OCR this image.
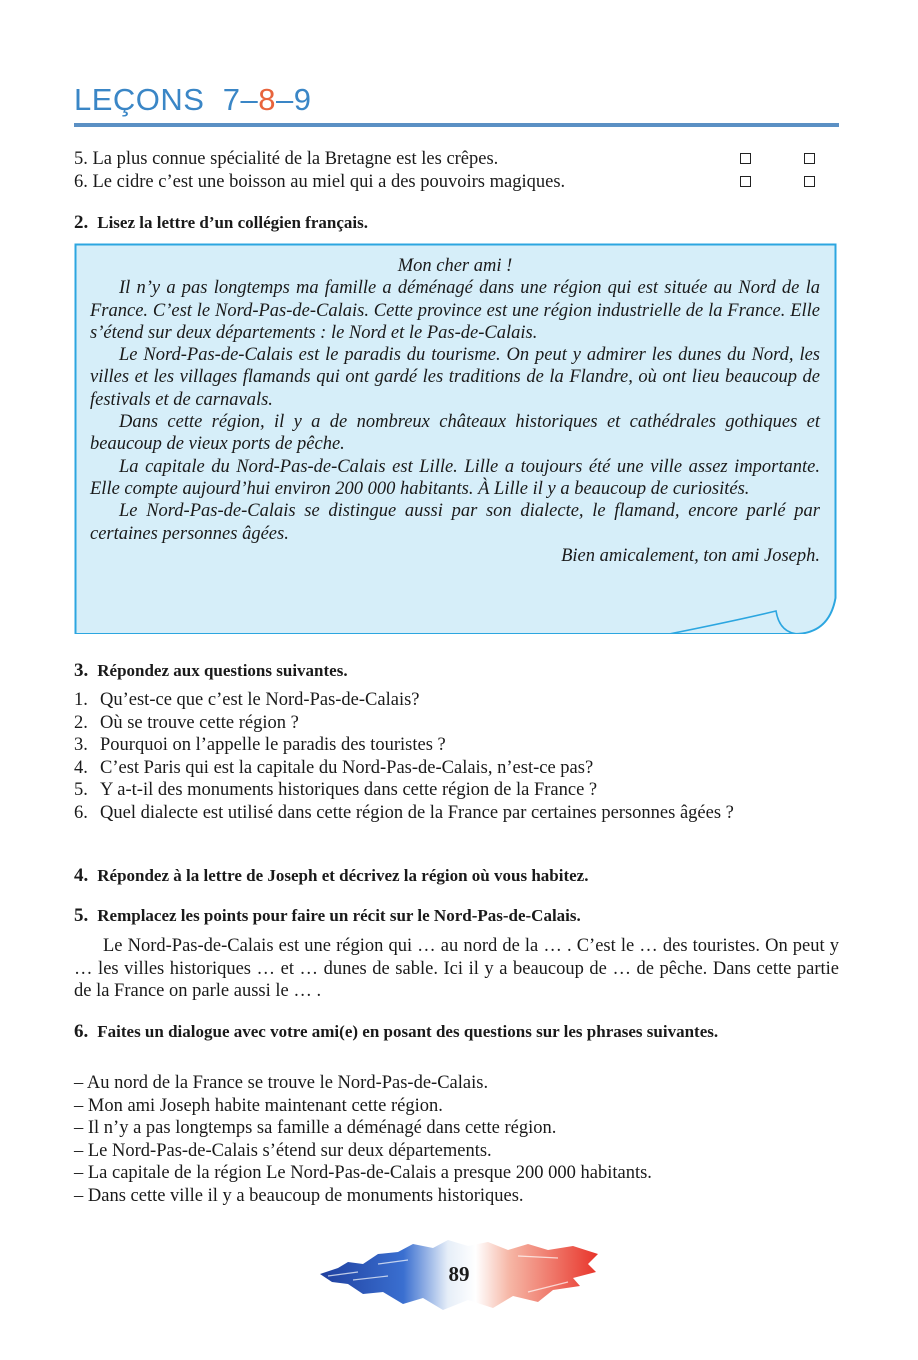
LEÇONS  7–8–9
5. La plus connue spécialité de la Bretagne est les crêpes.
6. Le cidre c’est une boisson au miel qui a des pouvoirs magiques.
2. Lisez la lettre d’un collégien français.

Mon cher ami !

Il n’y a pas longtemps ma famille a déménagé dans une région qui est située au Nord de la France. C’est le Nord-Pas-de-Calais. Cette province est une région industrielle de la France. Elle s’étend sur deux départements : le Nord et le Pas-de-Calais.

Le Nord-Pas-de-Calais est le paradis du tourisme. On peut y admirer les dunes du Nord, les villes et les villages flamands qui ont gardé les traditions de la Flandre, où ont lieu beaucoup de festivals et de carnavals.

Dans cette région, il y a de nombreux châteaux historiques et cathédrales gothiques et beaucoup de vieux ports de pêche.

La capitale du Nord-Pas-de-Calais est Lille. Lille a toujours été une ville assez importante. Elle compte aujourd’hui environ 200 000 habitants. À Lille il y a beaucoup de curiosités.

Le Nord-Pas-de-Calais se distingue aussi par son dialecte, le flamand, encore parlé par certaines personnes âgées.

Bien amicalement, ton ami Joseph.

3. Répondez aux questions suivantes.
1. Qu’est-ce que c’est le Nord-Pas-de-Calais?
2. Où se trouve cette région ?
3. Pourquoi on l’appelle le paradis des touristes ?
4. C’est Paris qui est la capitale du Nord-Pas-de-Calais, n’est-ce pas?
5. Y a-t-il des monuments historiques dans cette région de la France ?
6. Quel dialecte est utilisé dans cette région de la France par certaines personnes âgées ?
4. Répondez à la lettre de Joseph et décrivez la région où vous habitez.
5. Remplacez les points pour faire un récit sur le Nord-Pas-de-Calais.
Le Nord-Pas-de-Calais est une région qui … au nord de la … . C’est le … des touristes. On peut y … les villes historiques … et … dunes de sable. Ici il y a beaucoup de … de pêche. Dans cette partie de la France on parle aussi le … .
6. Faites un dialogue avec votre ami(e) en posant des questions sur les phrases suivantes.
– Au nord de la France se trouve le Nord-Pas-de-Calais.
– Mon ami Joseph habite maintenant cette région.
– Il n’y a pas longtemps sa famille a déménagé dans cette région.
– Le Nord-Pas-de-Calais s’étend sur deux départements.
– La capitale de la région Le Nord-Pas-de-Calais a presque 200 000 habitants.
– Dans cette ville il y a beaucoup de monuments historiques.
89
